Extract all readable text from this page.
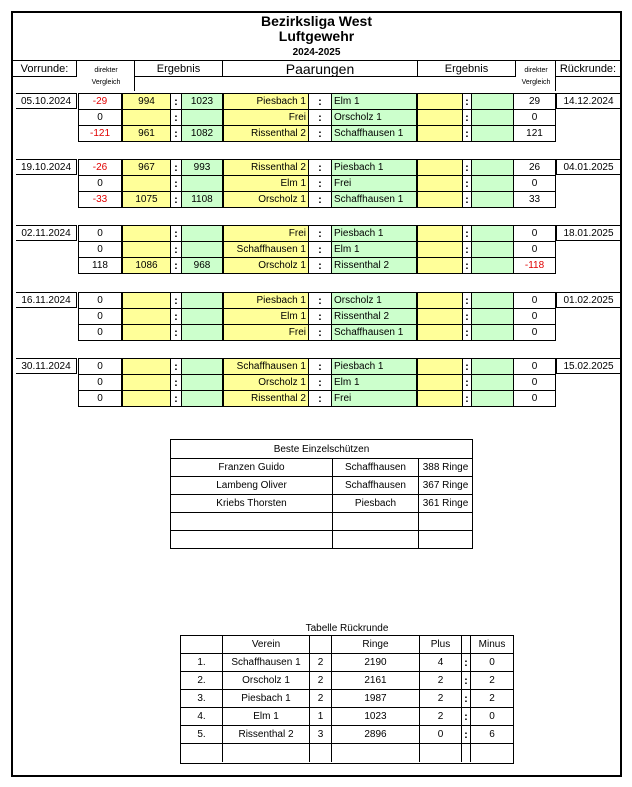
Bezirksliga West
Luftgewehr
2024-2025
Vorrunde:	direkter
Vergleich
Ergebnis	Paarungen	Ergebnis	direkter
Vergleich
Rückrunde:
05.10.2024	14.12.2024
-29	994	:	1023	Piesbach 1	:	Elm 1	:	29
0	:	Frei	:	Orscholz 1	:	0
-121	961	:	1082	Rissenthal 2	:	Schaffhausen 1	:	121
19.10.2024	04.01.2025
-26	967	:	993	Rissenthal 2	:	Piesbach 1	:	26
0	:	Elm 1	:	Frei	:	0
-33	1075	:	1108	Orscholz 1	:	Schaffhausen 1	:	33
02.11.2024	18.01.2025
0	:	Frei	:	Piesbach 1	:	0
0	:	Schaffhausen 1	:	Elm 1	:	0
118	1086	:	968	Orscholz 1	:	Rissenthal 2	:	-118
16.11.2024	01.02.2025
0	:	Piesbach 1	:	Orscholz 1	:	0
0	:	Elm 1	:	Rissenthal 2	:	0
0	:	Frei	:	Schaffhausen 1	:	0
30.11.2024	15.02.2025
0	:	Schaffhausen 1	:	Piesbach 1	:	0
0	:	Orscholz 1	:	Elm 1	:	0
0	:	Rissenthal 2	:	Frei	:	0
Beste Einzelschützen
Franzen Guido	Schaffhausen	388 Ringe
Lambeng Oliver	Schaffhausen	367 Ringe
Kriebs Thorsten	Piesbach	361 Ringe
Tabelle Rückrunde
Verein	Ringe	Plus	Minus
1.	Schaffhausen 1	2	2190	4	:	0
2.	Orscholz 1	2	2161	2	:	2
3.	Piesbach 1	2	1987	2	:	2
4.	Elm 1	1	1023	2	:	0
5.	Rissenthal 2	3	2896	0	:	6
